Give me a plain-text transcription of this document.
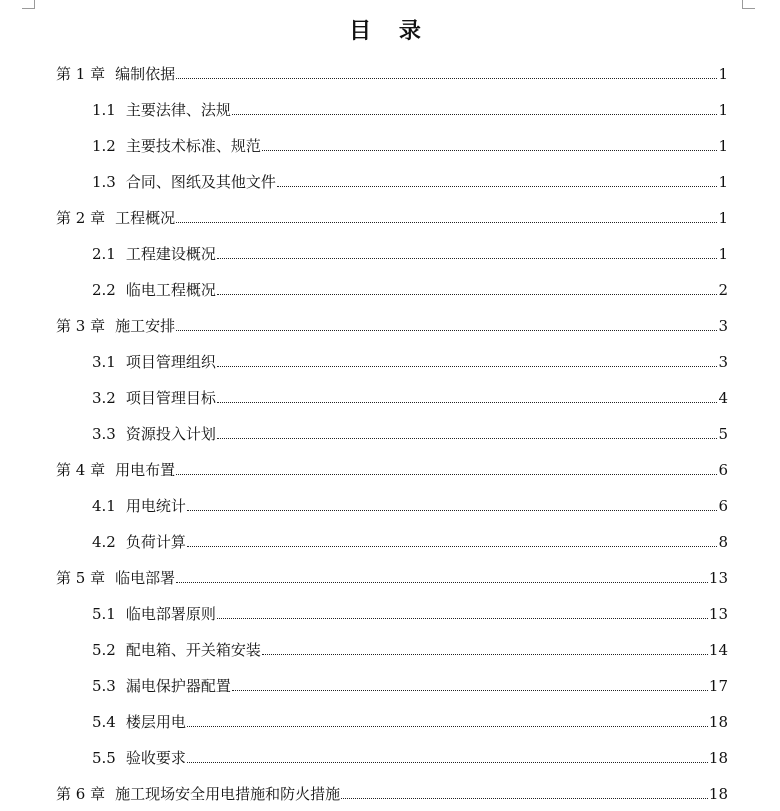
目 录
第 1 章 编制依据	1
1.1 主要法律、法规	1
1.2 主要技术标准、规范	1
1.3 合同、图纸及其他文件	1
第 2 章 工程概况	1
2.1 工程建设概况	1
2.2 临电工程概况	2
第 3 章 施工安排	3
3.1 项目管理组织	3
3.2 项目管理目标	4
3.3 资源投入计划	5
第 4 章 用电布置	6
4.1 用电统计	6
4.2 负荷计算	8
第 5 章 临电部署	13
5.1 临电部署原则	13
5.2 配电箱、开关箱安装	14
5.3 漏电保护器配置	17
5.4 楼层用电	18
5.5 验收要求	18
第 6 章 施工现场安全用电措施和防火措施	18
